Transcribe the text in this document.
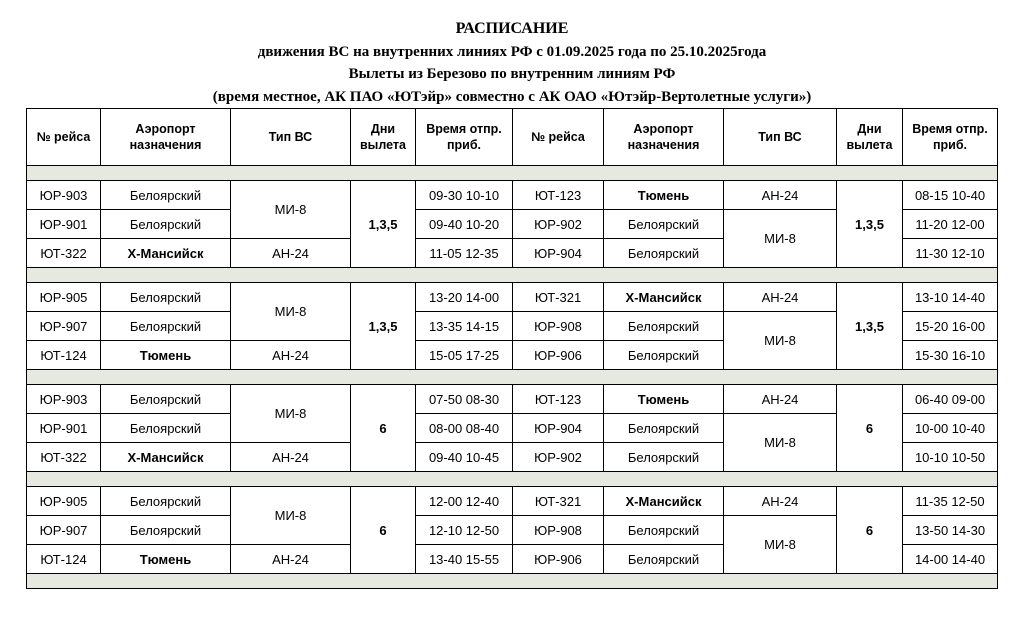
РАСПИСАНИЕ
движения ВС на внутренних линиях РФ с 01.09.2025 года по 25.10.2025года
Вылеты из Березово по внутренним линиям РФ
(время местное, АК ПАО «ЮТэйр» совместно с АК ОАО «Ютэйр-Вертолетные услуги»)
№ рейса	Аэропорт назначения	Тип ВС	Дни вылета	Время отпр. приб.	№ рейса	Аэропорт назначения	Тип ВС	Дни вылета	Время отпр. приб.

ЮР-903	Белоярский	МИ-8	1,3,5	09-30 10-10	ЮТ-123	Тюмень	АН-24	1,3,5	08-15 10-40
ЮР-901	Белоярский			09-40 10-20	ЮР-902	Белоярский	МИ-8		11-20 12-00
ЮТ-322	Х-Мансийск	АН-24		11-05 12-35	ЮР-904	Белоярский			11-30 12-10

ЮР-905	Белоярский	МИ-8	1,3,5	13-20 14-00	ЮТ-321	Х-Мансийск	АН-24	1,3,5	13-10 14-40
ЮР-907	Белоярский			13-35 14-15	ЮР-908	Белоярский	МИ-8		15-20 16-00
ЮТ-124	Тюмень	АН-24		15-05 17-25	ЮР-906	Белоярский			15-30 16-10

ЮР-903	Белоярский	МИ-8	6	07-50 08-30	ЮТ-123	Тюмень	АН-24	6	06-40 09-00
ЮР-901	Белоярский			08-00 08-40	ЮР-904	Белоярский	МИ-8		10-00 10-40
ЮТ-322	Х-Мансийск	АН-24		09-40 10-45	ЮР-902	Белоярский			10-10 10-50

ЮР-905	Белоярский	МИ-8	6	12-00 12-40	ЮТ-321	Х-Мансийск	АН-24	6	11-35 12-50
ЮР-907	Белоярский			12-10 12-50	ЮР-908	Белоярский	МИ-8		13-50 14-30
ЮТ-124	Тюмень	АН-24		13-40 15-55	ЮР-906	Белоярский			14-00 14-40
